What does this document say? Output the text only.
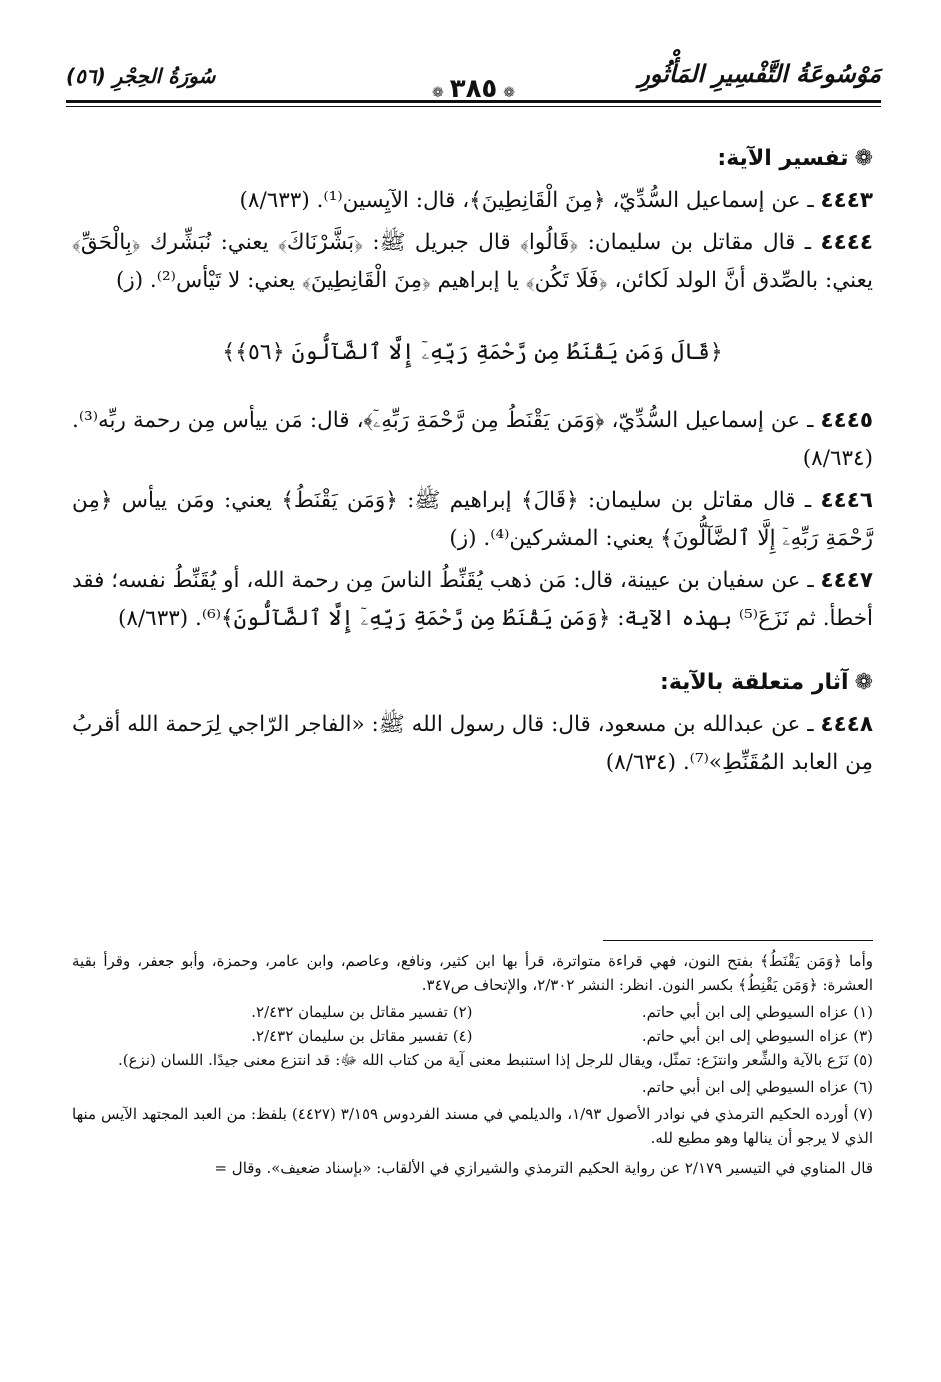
مَوْسُوعَةُ التَّفْسِيرِ المَأْثُورِ
❁٣٨٥❁
سُورَةُ الحِجْرِ (٥٦)
❁تفسير الآية:

٤٤٤٣ ـ عن إسماعيل السُّدِّيّ، ﴿مِنَ الْقَانِطِينَ﴾، قال: الآيِسين⁽¹⁾. (٨/٦٣٣)

٤٤٤٤ ـ قال مقاتل بن سليمان: ﴿قَالُوا﴾ قال جبريل ﷺ: ﴿بَشَّرْنَاكَ﴾ يعني: نُبَشِّرك ﴿بِالْحَقِّ﴾ يعني: بالصِّدق أنَّ الولد لَكائن، ﴿فَلَا تَكُن﴾ يا إبراهيم ﴿مِنَ الْقَانِطِينَ﴾ يعني: لا تَيْأس⁽²⁾. (ز)

﴿قَالَ وَمَن يَقْنَطُ مِن رَّحْمَةِ رَبِّهِۦٓ إِلَّا ٱلضَّآلُّونَ ﴿٥٦﴾﴾

٤٤٤٥ ـ عن إسماعيل السُّدِّيّ، ﴿وَمَن يَقْنَطُ مِن رَّحْمَةِ رَبِّهِۦٓ﴾، قال: مَن ييأس مِن رحمة ربِّه⁽³⁾. (٨/٦٣٤)

٤٤٤٦ ـ قال مقاتل بن سليمان: ﴿قَالَ﴾ إبراهيم ﷺ: ﴿وَمَن يَقْنَطُ﴾ يعني: ومَن ييأس ﴿مِن رَّحْمَةِ رَبِّهِۦٓ إِلَّا ٱلضَّآلُّونَ﴾ يعني: المشركين⁽⁴⁾. (ز)

٤٤٤٧ ـ عن سفيان بن عيينة، قال: مَن ذهب يُقَنِّطُ الناسَ مِن رحمة الله، أو يُقَنِّطُ نفسه؛ فقد أخطأ. ثم نَزَعَ⁽⁵⁾ بهذه الآية: ﴿وَمَن يَقْنَطُ مِن رَّحْمَةِ رَبِّهِۦٓ إِلَّا ٱلضَّآلُّونَ﴾⁽⁶⁾. (٨/٦٣٣)

❁آثار متعلقة بالآية:

٤٤٤٨ ـ عن عبدالله بن مسعود، قال: قال رسول الله ﷺ: «الفاجر الرّاجي لِرَحمة الله أقربُ مِن العابد المُقَنِّطِ»⁽⁷⁾. (٨/٦٣٤)

وأما ﴿وَمَن يَقْنَطُ﴾ بفتح النون، فهي قراءة متواترة، قرأ بها ابن كثير، ونافع، وعاصم، وابن عامر، وحمزة، وأبو جعفر، وقرأ بقية العشرة: ﴿وَمَن يَقْنِطُ﴾ بكسر النون. انظر: النشر ٢/٣٠٢، والإتحاف ص٣٤٧.

(١) عزاه السيوطي إلى ابن أبي حاتم.
(٢) تفسير مقاتل بن سليمان ٢/٤٣٢.
(٣) عزاه السيوطي إلى ابن أبي حاتم.
(٤) تفسير مقاتل بن سليمان ٢/٤٣٢.

(٥) نَزَع بالآية والشِّعر وانتزَع: تمثّل، ويقال للرجل إذا استنبط معنى آية من كتاب الله ﷻ: قد انتزع معنى جيدًا. اللسان (نزع).

(٦) عزاه السيوطي إلى ابن أبي حاتم.

(٧) أورده الحكيم الترمذي في نوادر الأصول ١/٩٣، والديلمي في مسند الفردوس ٣/١٥٩ (٤٤٢٧) بلفظ: من العبد المجتهد الآيس منها الذي لا يرجو أن ينالها وهو مطيع لله.

قال المناوي في التيسير ٢/١٧٩ عن رواية الحكيم الترمذي والشيرازي في الألقاب: «بإسناد ضعيف». وقال =
